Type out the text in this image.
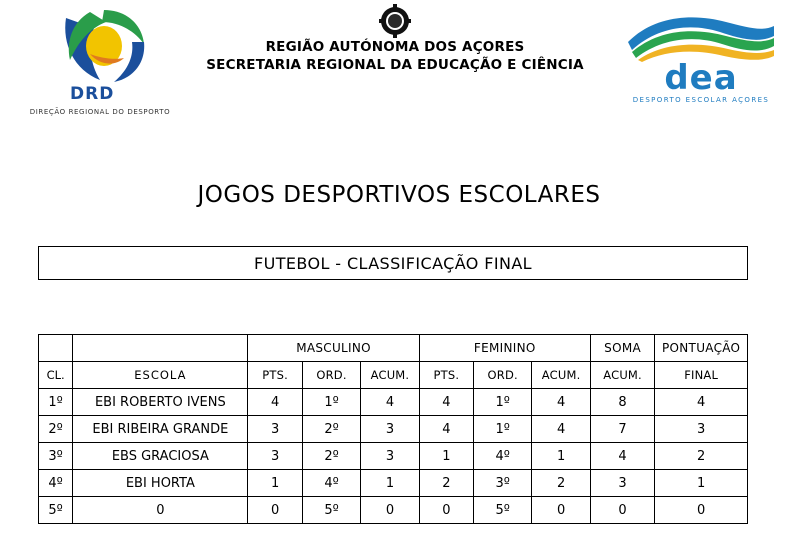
DRD
DIREÇÃO REGIONAL DO DESPORTO
REGIÃO AUTÓNOMA DOS AÇORES
SECRETARIA REGIONAL DA EDUCAÇÃO E CIÊNCIA	dea
DESPORTO ESCOLAR AÇORES
JOGOS DESPORTIVOS ESCOLARES
FUTEBOL - CLASSIFICAÇÃO FINAL
		MASCULINO			FEMININO			SOMA	PONTUAÇÃO
CL.	ESCOLA	PTS.	ORD.	ACUM.	PTS.	ORD.	ACUM.	ACUM.	FINAL
1º	EBI ROBERTO IVENS	4	1º	4	4	1º	4	8	4
2º	EBI RIBEIRA GRANDE	3	2º	3	4	1º	4	7	3
3º	EBS GRACIOSA	3	2º	3	1	4º	1	4	2
4º	EBI HORTA	1	4º	1	2	3º	2	3	1
5º	0	0	5º	0	0	5º	0	0	0
